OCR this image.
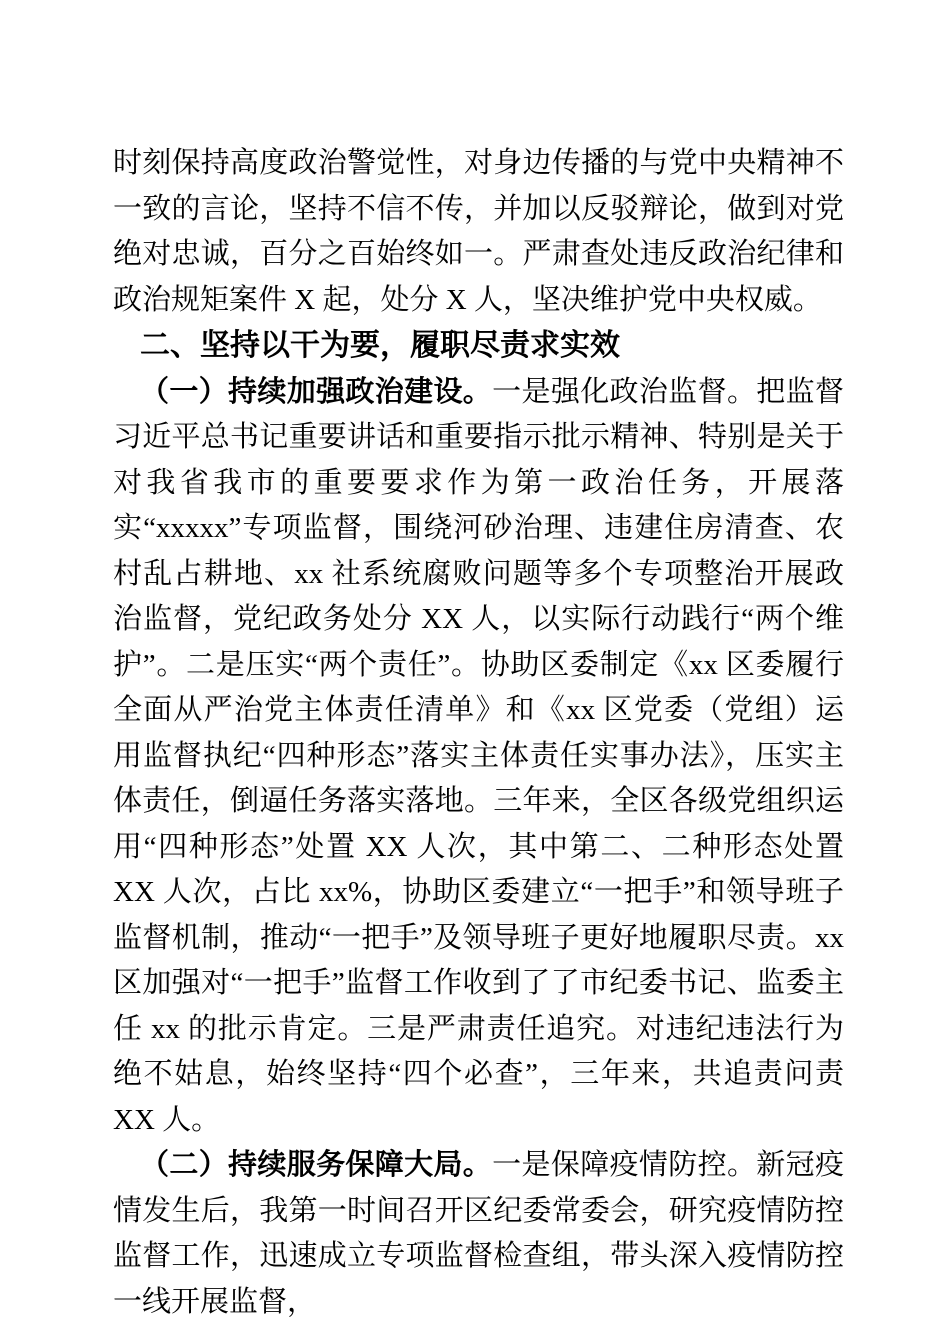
时刻保持高度政治警觉性，对身边传播的与党中央精神不一致的言论，坚持不信不传，并加以反驳辩论，做到对党绝对忠诚，百分之百始终如一。严肃查处违反政治纪律和政治规矩案件 X 起，处分 X 人，坚决维护党中央权威。

二、坚持以干为要，履职尽责求实效

（一）持续加强政治建设。一是强化政治监督。把监督习近平总书记重要讲话和重要指示批示精神、特别是关于对我省我市的重要要求作为第一政治任务，开展落实“xxxxx”专项监督，围绕河砂治理、违建住房清查、农村乱占耕地、xx 社系统腐败问题等多个专项整治开展政治监督，党纪政务处分 XX 人，以实际行动践行“两个维护”。二是压实“两个责任”。协助区委制定《xx 区委履行全面从严治党主体责任清单》和《xx 区党委（党组）运用监督执纪“四种形态”落实主体责任实事办法》，压实主体责任，倒逼任务落实落地。三年来，全区各级党组织运用“四种形态”处置 XX 人次，其中第二、二种形态处置 XX 人次，占比 xx%，协助区委建立“一把手”和领导班子监督机制，推动“一把手”及领导班子更好地履职尽责。xx 区加强对“一把手”监督工作收到了了市纪委书记、监委主任 xx 的批示肯定。三是严肃责任追究。对违纪违法行为绝不姑息，始终坚持“四个必查”，三年来，共追责问责 XX 人。

（二）持续服务保障大局。一是保障疫情防控。新冠疫情发生后，我第一时间召开区纪委常委会，研究疫情防控监督工作，迅速成立专项监督检查组，带头深入疫情防控一线开展监督，
